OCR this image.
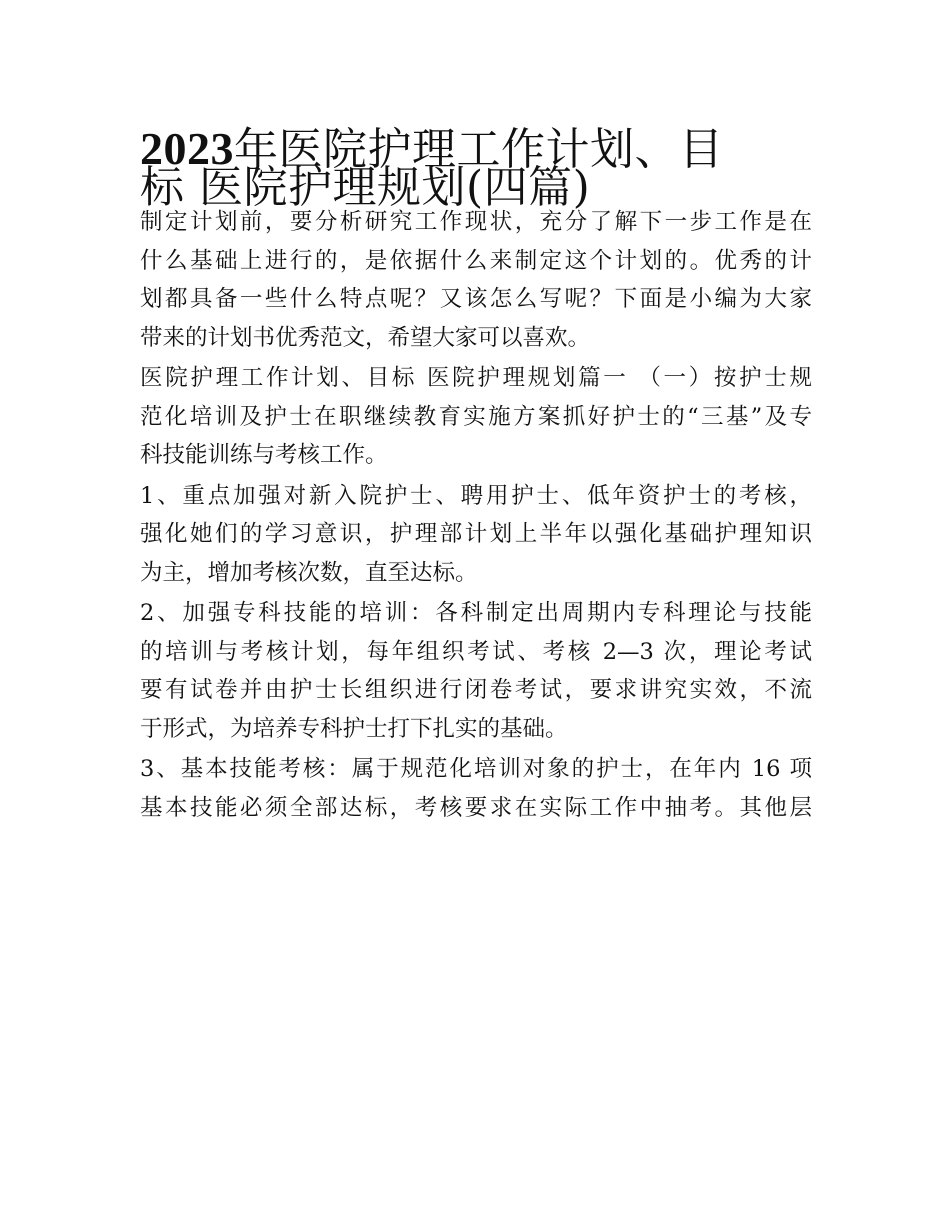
2023年医院护理工作计划、目
标 医院护理规划(四篇)

制定计划前，要分析研究工作现状，充分了解下一步工作是在
什么基础上进行的，是依据什么来制定这个计划的。优秀的计
划都具备一些什么特点呢？又该怎么写呢？下面是小编为大家
带来的计划书优秀范文，希望大家可以喜欢。

医院护理工作计划、目标 医院护理规划篇一 （一）按护士规
范化培训及护士在职继续教育实施方案抓好护士的“三基”及专
科技能训练与考核工作。

1、重点加强对新入院护士、聘用护士、低年资护士的考核，
强化她们的学习意识，护理部计划上半年以强化基础护理知识
为主，增加考核次数，直至达标。

2、加强专科技能的培训：各科制定出周期内专科理论与技能
的培训与考核计划，每年组织考试、考核 2—3 次，理论考试
要有试卷并由护士长组织进行闭卷考试，要求讲究实效，不流
于形式，为培养专科护士打下扎实的基础。

3、基本技能考核：属于规范化培训对象的护士，在年内 16 项
基本技能必须全部达标，考核要求在实际工作中抽考。其他层
